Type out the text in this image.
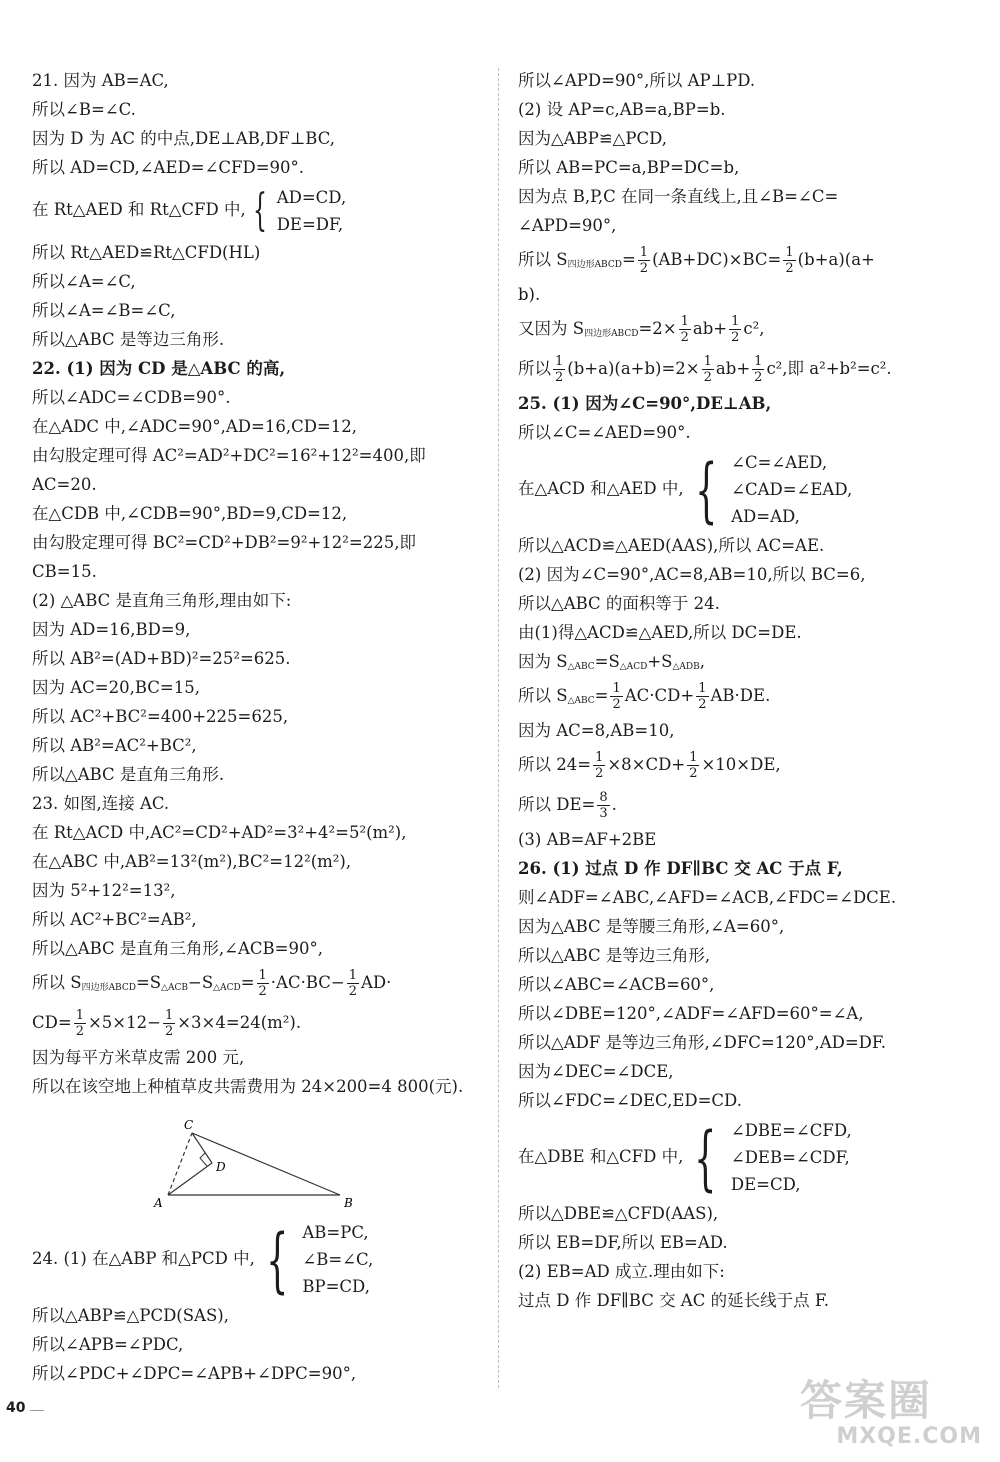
21. 因为 AB=AC,
所以∠B=∠C.
因为 D 为 AC 的中点,DE⊥AB,DF⊥BC,
所以 AD=CD,∠AED=∠CFD=90°.
在 Rt△AED 和 Rt△CFD 中, { AD=CD,
DE=DF,
所以 Rt△AED≌Rt△CFD(HL)
所以∠A=∠C,
所以∠A=∠B=∠C,
所以△ABC 是等边三角形.
22. (1) 因为 CD 是△ABC 的高,
所以∠ADC=∠CDB=90°.
在△ADC 中,∠ADC=90°,AD=16,CD=12,
由勾股定理可得 AC²=AD²+DC²=16²+12²=400,即
AC=20.
在△CDB 中,∠CDB=90°,BD=9,CD=12,
由勾股定理可得 BC²=CD²+DB²=9²+12²=225,即
CB=15.
(2) △ABC 是直角三角形,理由如下:
因为 AD=16,BD=9,
所以 AB²=(AD+BD)²=25²=625.
因为 AC=20,BC=15,
所以 AC²+BC²=400+225=625,
所以 AB²=AC²+BC²,
所以△ABC 是直角三角形.
23. 如图,连接 AC.
在 Rt△ACD 中,AC²=CD²+AD²=3²+4²=5²(m²),
在△ABC 中,AB²=13²(m²),BC²=12²(m²),
因为 5²+12²=13²,
所以 AC²+BC²=AB²,
所以△ABC 是直角三角形,∠ACB=90°,
所以 $S_{四边形ABCD}=S_{\triangle ACB}-S_{\triangle ACD}= \frac{1}{2} \cdot AC\cdot BC- \frac{1}{2} AD\cdot$
$CD= \frac{1}{2} \times 5\times 12- \frac{1}{2} \times 3\times 4=24(m^2)$.
因为每平方米草皮需 200 元,
所以在该空地上种植草皮共需费用为 24×200=4 800(元).
24. (1) 在△ABP 和△PCD 中, { AB=PC,
∠B=∠C,
BP=CD,
所以△ABP≌△PCD(SAS),
所以∠APB=∠PDC,
所以∠PDC+∠DPC=∠APB+∠DPC=90°,
C
D
A	B
所以∠APD=90°,所以 AP⊥PD.
(2) 设 AP=c,AB=a,BP=b.
因为△ABP≌△PCD,
所以 AB=PC=a,BP=DC=b,
因为点 B,P,C 在同一条直线上,且∠B=∠C=
∠APD=90°,
所以 $S_{四边形ABCD}= \frac{1}{2} (AB+DC)\times BC= \frac{1}{2} (b+a)(a+$
b).
又因为 $S_{四边形ABCD}=2\times \frac{1}{2} ab+ \frac{1}{2} c^2$,
所以 $\frac{1}{2} (b+a)(a+b)=2\times \frac{1}{2} ab+ \frac{1}{2} c^2$,即 a²+b²=c².
25. (1) 因为∠C=90°,DE⊥AB,
所以∠C=∠AED=90°.
在△ACD 和△AED 中, { ∠C=∠AED,
∠CAD=∠EAD,
AD=AD,
所以△ACD≌△AED(AAS),所以 AC=AE.
(2) 因为∠C=90°,AC=8,AB=10,所以 BC=6,
所以△ABC 的面积等于 24.
由(1)得△ACD≌△AED,所以 DC=DE.
因为 $S_{\triangle ABC}=S_{\triangle ACD}+S_{\triangle ADB}$,
所以 $S_{\triangle ABC}= \frac{1}{2} AC\cdot CD+ \frac{1}{2} AB\cdot DE$.
因为 AC=8,AB=10,
所以 $24= \frac{1}{2} \times 8\times CD+ \frac{1}{2} \times 10\times DE$,
所以 $DE= \frac{8}{3}$ .
(3) AB=AF+2BE
26. (1) 过点 D 作 DF∥BC 交 AC 于点 F,
则∠ADF=∠ABC,∠AFD=∠ACB,∠FDC=∠DCE.
因为△ABC 是等腰三角形,∠A=60°,
所以△ABC 是等边三角形,
所以∠ABC=∠ACB=60°,
所以∠DBE=120°,∠ADF=∠AFD=60°=∠A,
所以△ADF 是等边三角形,∠DFC=120°,AD=DF.
因为∠DEC=∠DCE,
所以∠FDC=∠DEC,ED=CD.
在△DBE 和△CFD 中, { ∠DBE=∠CFD,
∠DEB=∠CDF,
DE=CD,
所以△DBE≌△CFD(AAS),
所以 EB=DF,所以 EB=AD.
(2) EB=AD 成立.理由如下:
过点 D 作 DF∥BC 交 AC 的延长线于点 F.
40	答案圈
MXQE.COM
